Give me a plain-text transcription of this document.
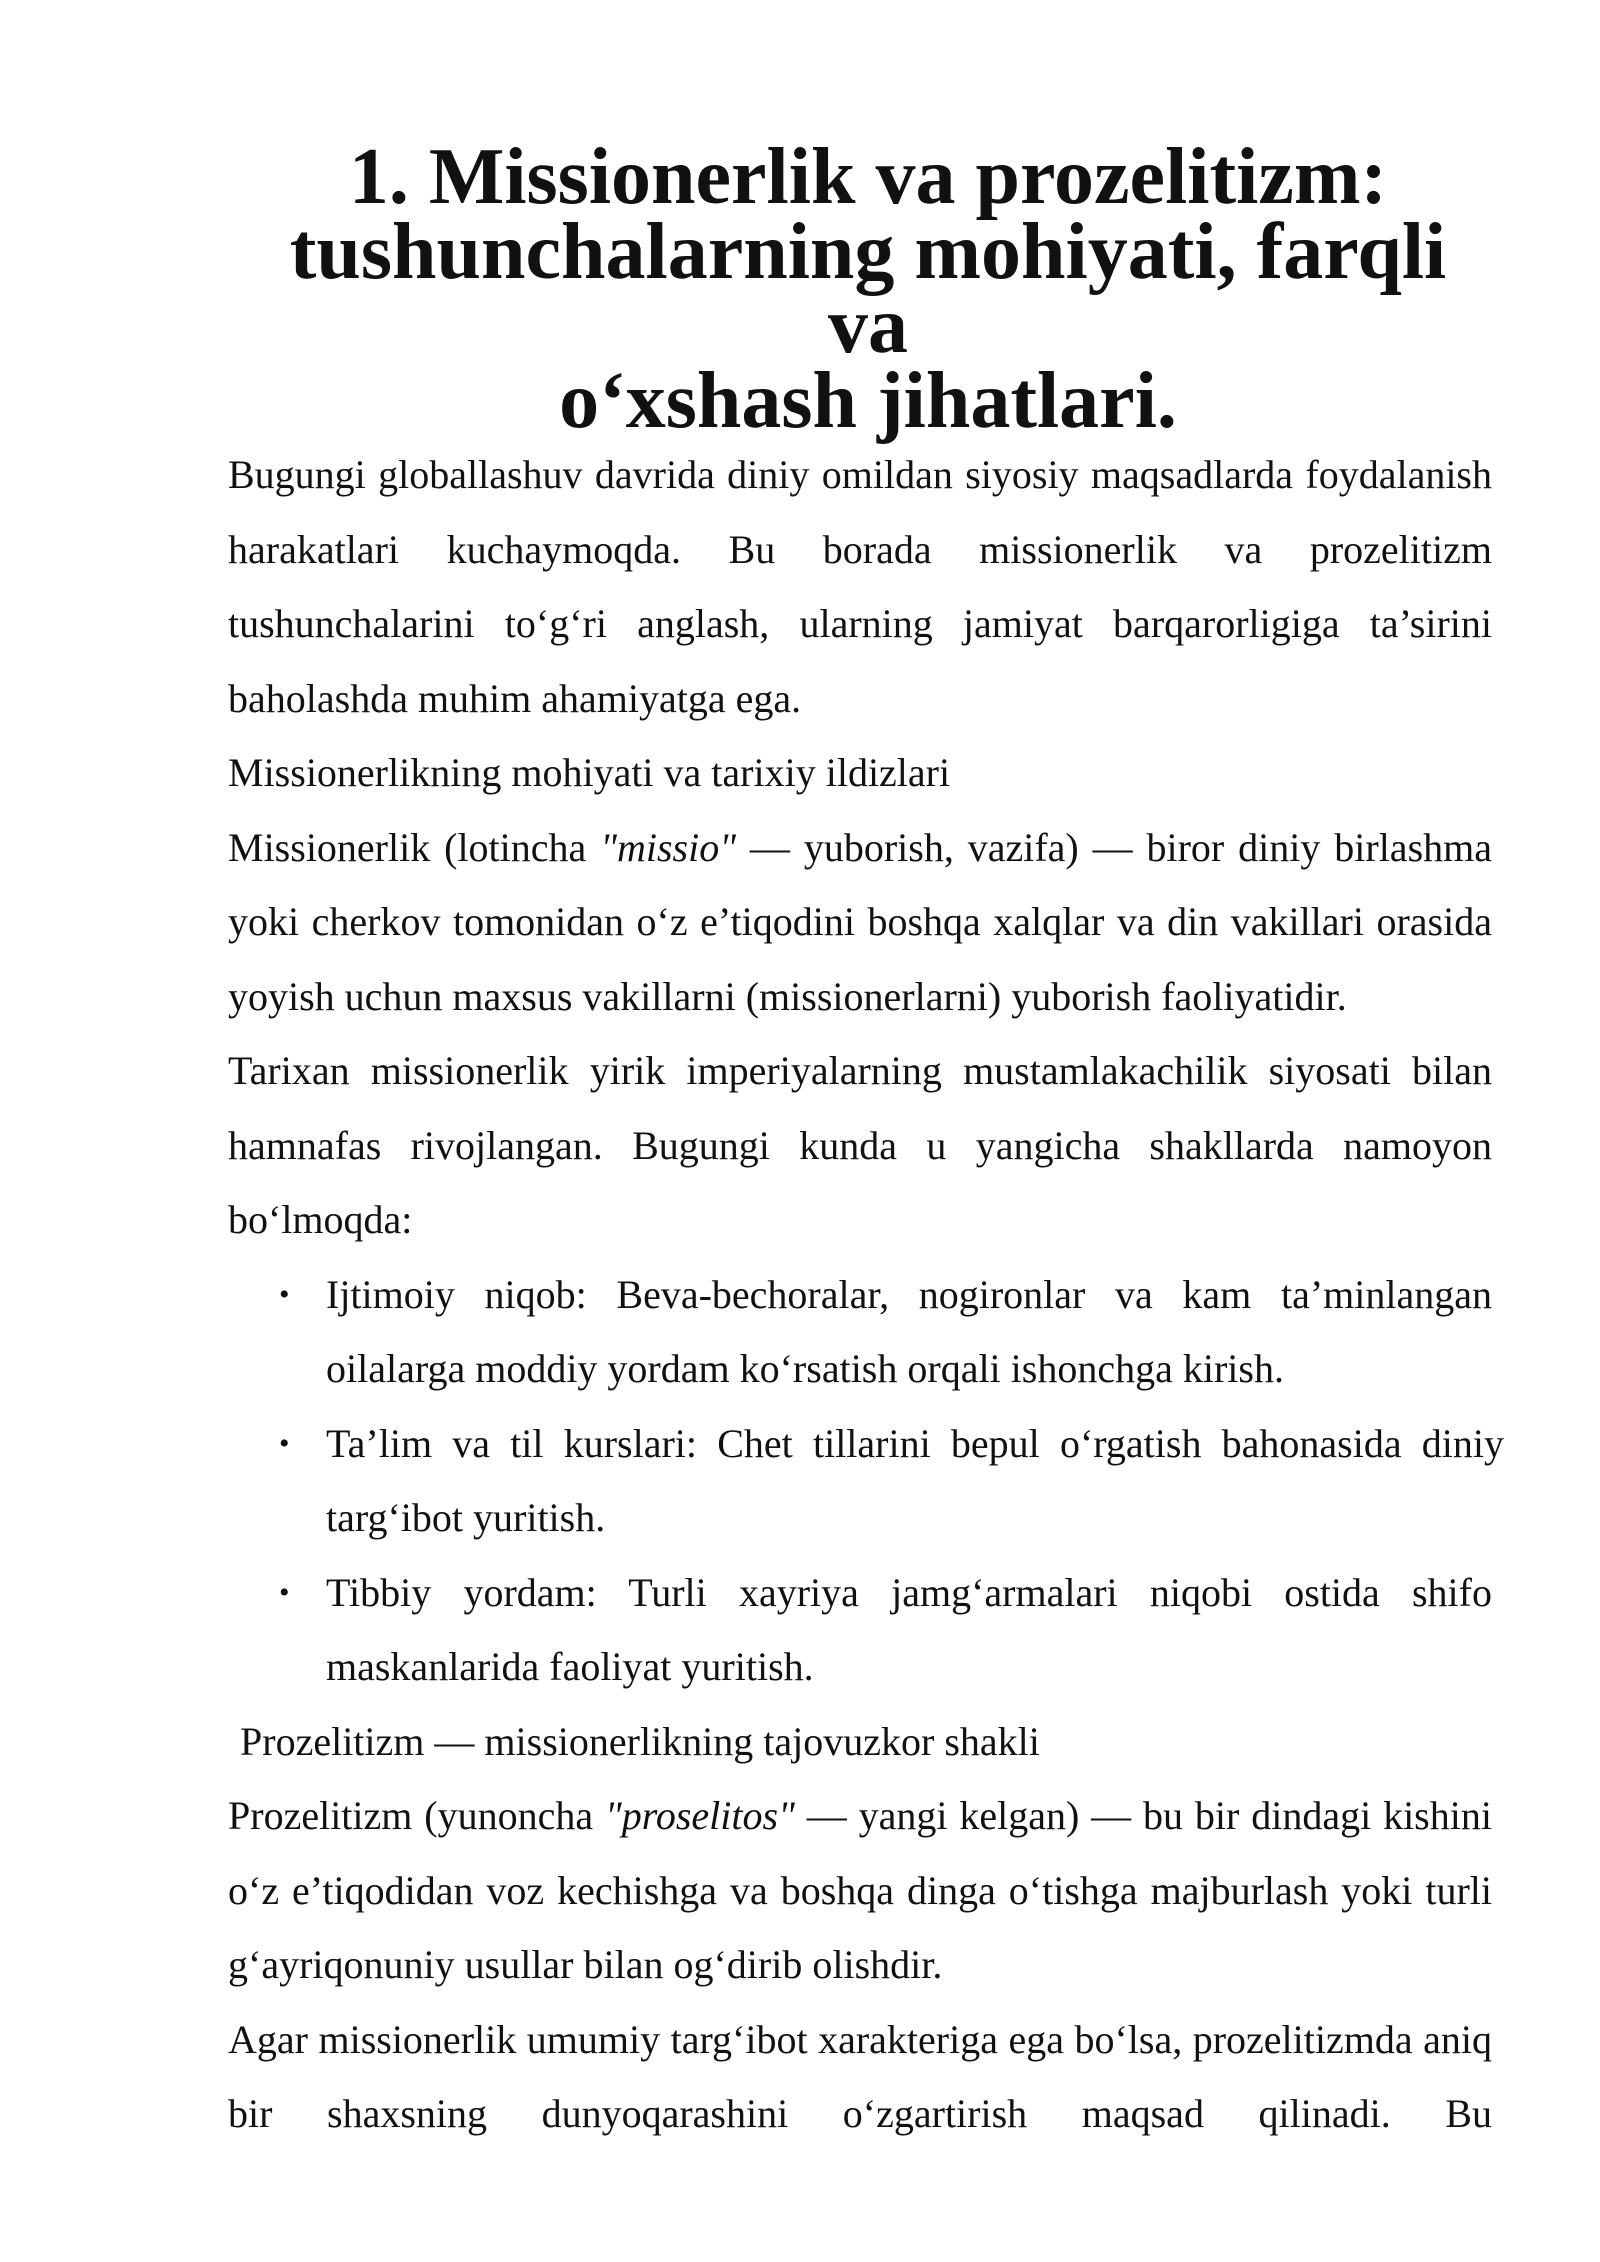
1. Missionerlik va prozelitizm: tushunchalarning mohiyati, farqli va
o‘xshash jihatlari.

Bugungi globallashuv davrida diniy omildan siyosiy maqsadlarda foydalanish harakatlari kuchaymoqda. Bu borada missionerlik va prozelitizm tushunchalarini to‘g‘ri anglash, ularning jamiyat barqarorligiga ta’sirini baholashda muhim ahamiyatga ega.

Missionerlikning mohiyati va tarixiy ildizlari

Missionerlik (lotincha "missio" — yuborish, vazifa) — biror diniy birlashma yoki cherkov tomonidan o‘z e’tiqodini boshqa xalqlar va din vakillari orasida yoyish uchun maxsus vakillarni (missionerlarni) yuborish faoliyatidir.

Tarixan missionerlik yirik imperiyalarning mustamlakachilik siyosati bilan hamnafas rivojlangan. Bugungi kunda u yangicha shakllarda namoyon bo‘lmoqda:

• Ijtimoiy niqob: Beva-bechoralar, nogironlar va kam ta’minlangan oilalarga moddiy yordam ko‘rsatish orqali ishonchga kirish.
• Ta’lim va til kurslari: Chet tillarini bepul o‘rgatish bahonasida diniy targ‘ibot yuritish.
• Tibbiy yordam: Turli xayriya jamg‘armalari niqobi ostida shifo maskanlarida faoliyat yuritish.

Prozelitizm — missionerlikning tajovuzkor shakli

Prozelitizm (yunoncha "proselitos" — yangi kelgan) — bu bir dindagi kishini o‘z e’tiqodidan voz kechishga va boshqa dinga o‘tishga majburlash yoki turli g‘ayriqonuniy usullar bilan og‘dirib olishdir.

Agar missionerlik umumiy targ‘ibot xarakteriga ega bo‘lsa, prozelitizmda aniq bir shaxsning dunyoqarashini o‘zgartirish maqsad qilinadi. Bu
